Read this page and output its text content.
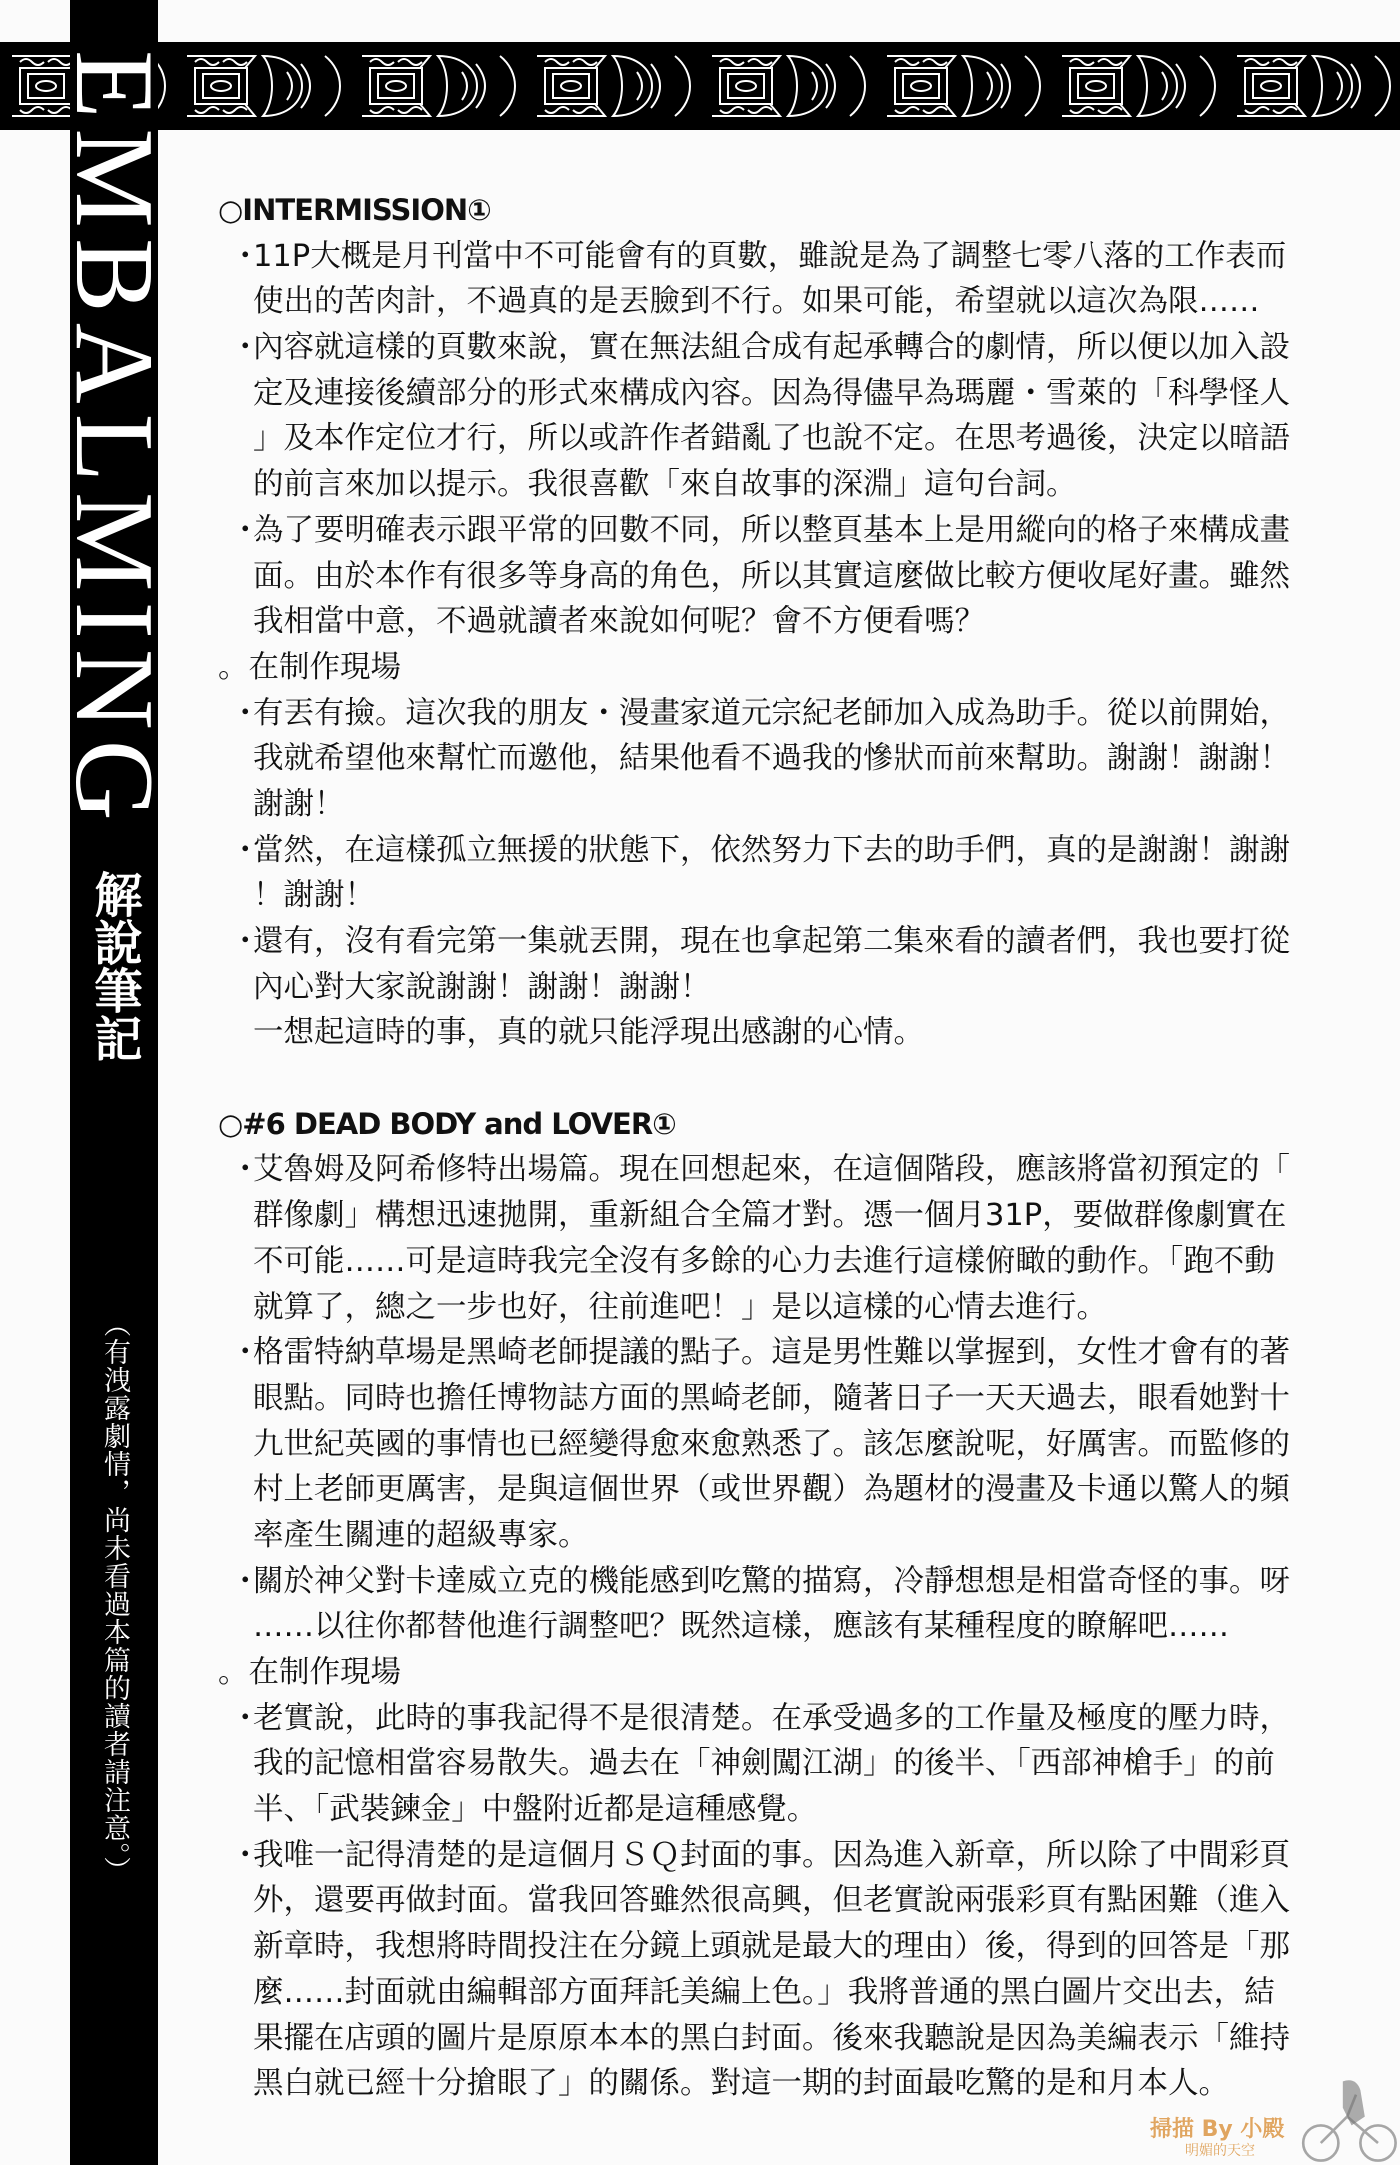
EMBALMING
解說筆記
（有洩露劇情，尚未看過本篇的讀者請注意。）
○INTERMISSION①
・
11P大概是月刊當中不可能會有的頁數，雖說是為了調整七零八落的工作表而
使出的苦肉計，不過真的是丟臉到不行。如果可能，希望就以這次為限……
・
內容就這樣的頁數來說，實在無法組合成有起承轉合的劇情，所以便以加入設
定及連接後續部分的形式來構成內容。因為得儘早為瑪麗・雪萊的「科學怪人
」及本作定位才行，所以或許作者錯亂了也說不定。在思考過後，決定以暗語
的前言來加以提示。我很喜歡「來自故事的深淵」這句台詞。
・
為了要明確表示跟平常的回數不同，所以整頁基本上是用縱向的格子來構成畫
面。由於本作有很多等身高的角色，所以其實這麼做比較方便收尾好畫。雖然
我相當中意，不過就讀者來說如何呢？會不方便看嗎？
。在制作現場
・
有丟有撿。這次我的朋友・漫畫家道元宗紀老師加入成為助手。從以前開始，
我就希望他來幫忙而邀他，結果他看不過我的慘狀而前來幫助。謝謝！謝謝！
謝謝！
・
當然，在這樣孤立無援的狀態下，依然努力下去的助手們，真的是謝謝！謝謝
！謝謝！
・
還有，沒有看完第一集就丟開，現在也拿起第二集來看的讀者們，我也要打從
內心對大家說謝謝！謝謝！謝謝！
一想起這時的事，真的就只能浮現出感謝的心情。
○#6 DEAD BODY and LOVER①
・
艾魯姆及阿希修特出場篇。現在回想起來，在這個階段，應該將當初預定的「
群像劇」構想迅速拋開，重新組合全篇才對。憑一個月31P，要做群像劇實在
不可能……可是這時我完全沒有多餘的心力去進行這樣俯瞰的動作。「跑不動
就算了，總之一步也好，往前進吧！」是以這樣的心情去進行。
・
格雷特納草場是黑崎老師提議的點子。這是男性難以掌握到，女性才會有的著
眼點。同時也擔任博物誌方面的黑崎老師，隨著日子一天天過去，眼看她對十
九世紀英國的事情也已經變得愈來愈熟悉了。該怎麼說呢，好厲害。而監修的
村上老師更厲害，是與這個世界（或世界觀）為題材的漫畫及卡通以驚人的頻
率產生關連的超級專家。
・
關於神父對卡達威立克的機能感到吃驚的描寫，冷靜想想是相當奇怪的事。呀
……以往你都替他進行調整吧？既然這樣，應該有某種程度的瞭解吧……
。在制作現場
・
老實說，此時的事我記得不是很清楚。在承受過多的工作量及極度的壓力時，
我的記憶相當容易散失。過去在「神劍闖江湖」的後半、「西部神槍手」的前
半、「武裝鍊金」中盤附近都是這種感覺。
・
我唯一記得清楚的是這個月ＳＱ封面的事。因為進入新章，所以除了中間彩頁
外，還要再做封面。當我回答雖然很高興，但老實說兩張彩頁有點困難（進入
新章時，我想將時間投注在分鏡上頭就是最大的理由）後，得到的回答是「那
麼……封面就由編輯部方面拜託美編上色。」我將普通的黑白圖片交出去，結
果擺在店頭的圖片是原原本本的黑白封面。後來我聽說是因為美編表示「維持
黑白就已經十分搶眼了」的關係。對這一期的封面最吃驚的是和月本人。
掃描 By 小殿
明媚的天空
